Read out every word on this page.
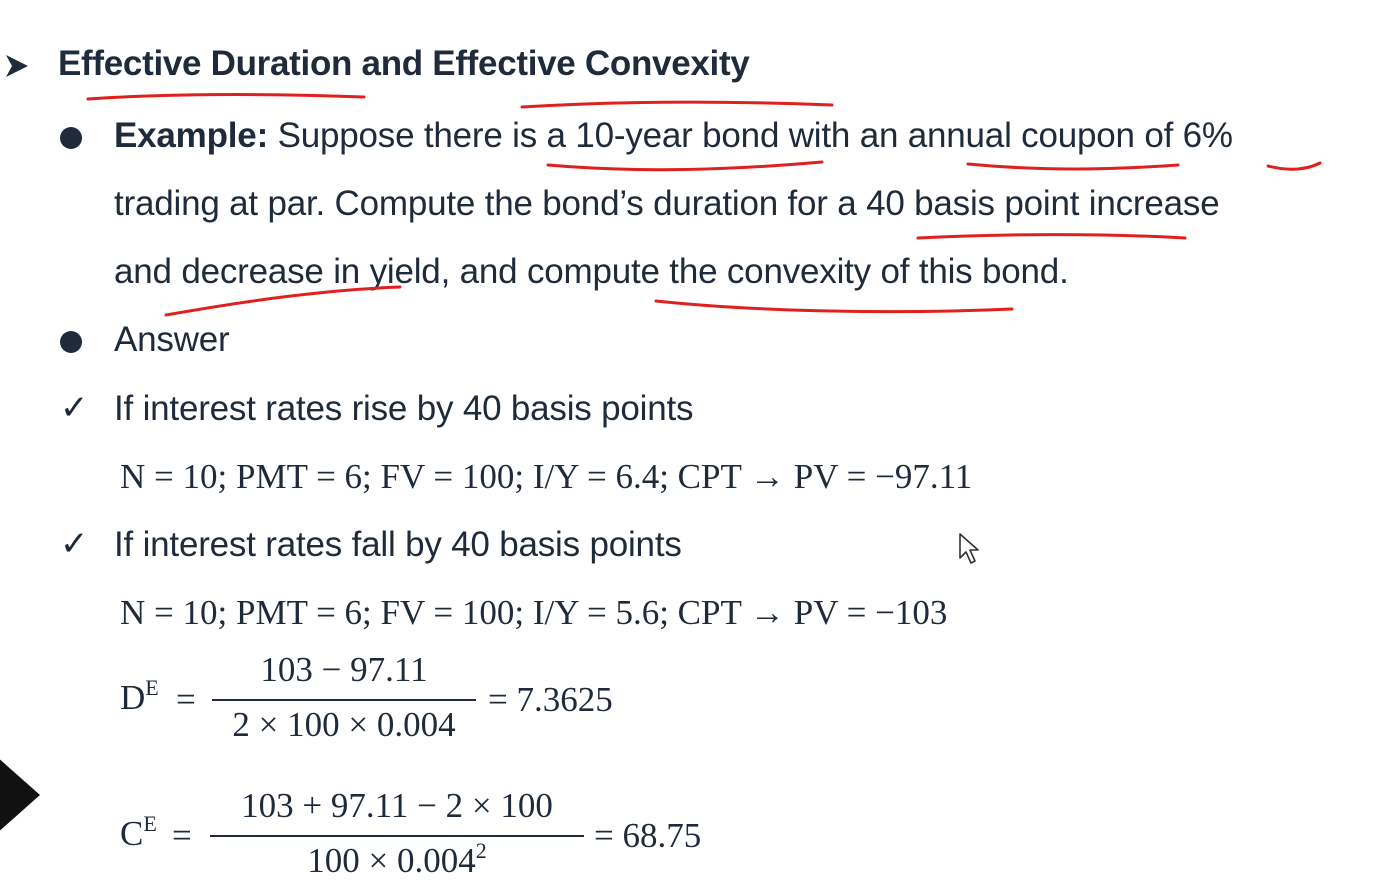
Effective Duration and Effective Convexity
Example: Suppose there is a 10-year bond with an annual coupon of 6%
trading at par. Compute the bond’s duration for a 40 basis point increase
and decrease in yield, and compute the convexity of this bond.
Answer
✓ If interest rates rise by 40 basis points
N = 10; PMT = 6; FV = 100; I/Y = 6.4; CPT → PV = −97.11
✓ If interest rates fall by 40 basis points
N = 10; PMT = 6; FV = 100; I/Y = 5.6; CPT → PV = −103
$D^E$ =
103 − 97.11
2 × 100 × 0.004
= 7.3625
$C^E$ =
103 + 97.11 − 2 × 100
$100 \times 0.004^2$	= 68.75
